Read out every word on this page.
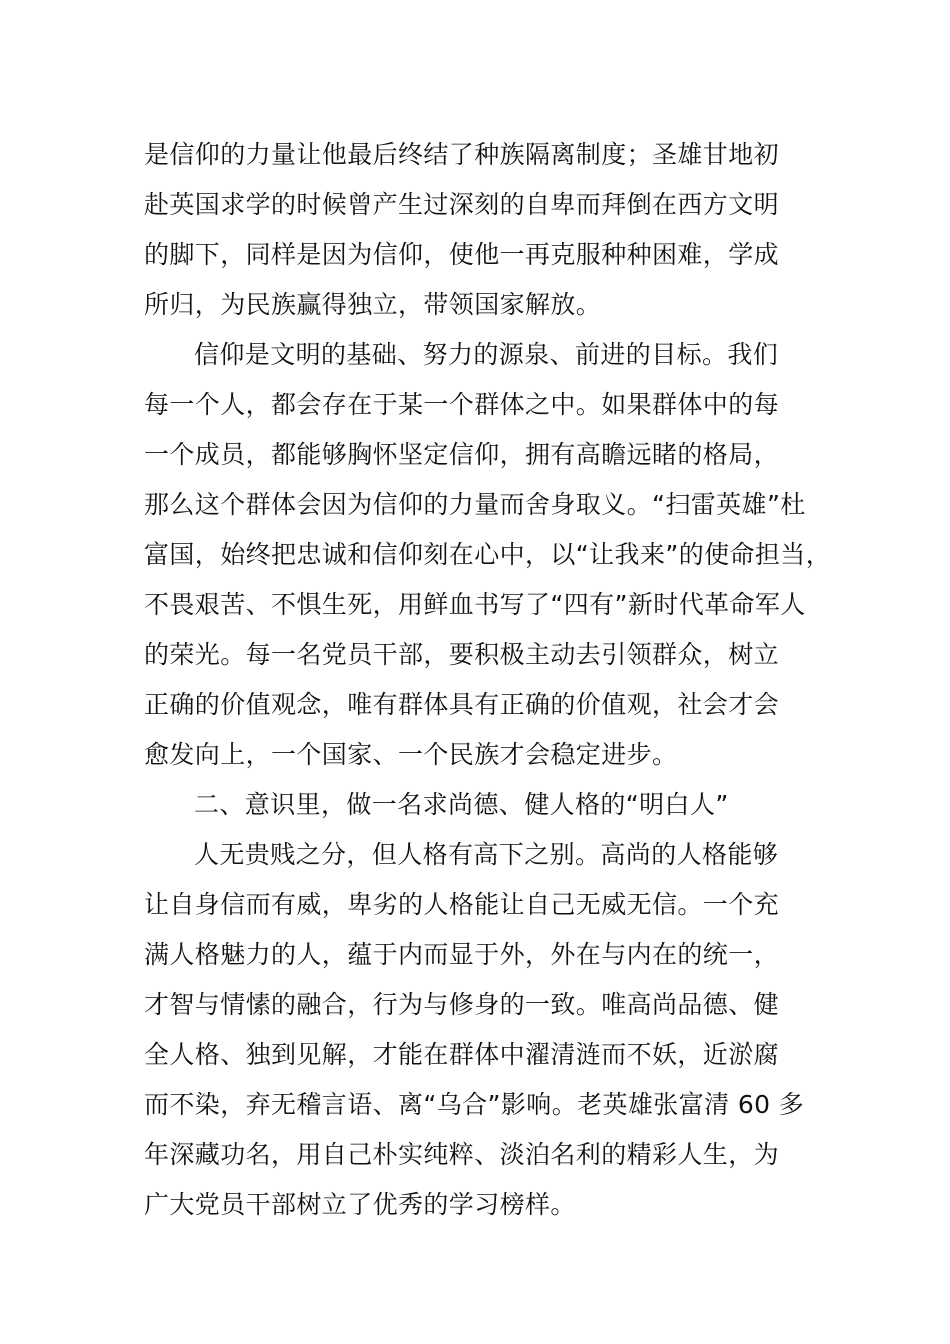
是信仰的力量让他最后终结了种族隔离制度；圣雄甘地初
赴英国求学的时候曾产生过深刻的自卑而拜倒在西方文明
的脚下，同样是因为信仰，使他一再克服种种困难，学成
所归，为民族赢得独立，带领国家解放。
信仰是文明的基础、努力的源泉、前进的目标。我们
每一个人，都会存在于某一个群体之中。如果群体中的每
一个成员，都能够胸怀坚定信仰，拥有高瞻远睹的格局，
那么这个群体会因为信仰的力量而舍身取义。“扫雷英雄”杜
富国，始终把忠诚和信仰刻在心中，以“让我来”的使命担当，
不畏艰苦、不惧生死，用鲜血书写了“四有”新时代革命军人
的荣光。每一名党员干部，要积极主动去引领群众，树立
正确的价值观念，唯有群体具有正确的价值观，社会才会
愈发向上，一个国家、一个民族才会稳定进步。
二、意识里，做一名求尚德、健人格的“明白人”
人无贵贱之分，但人格有高下之别。高尚的人格能够
让自身信而有威，卑劣的人格能让自己无威无信。一个充
满人格魅力的人，蕴于内而显于外，外在与内在的统一，
才智与情愫的融合，行为与修身的一致。唯高尚品德、健
全人格、独到见解，才能在群体中濯清涟而不妖，近淤腐
而不染，弃无稽言语、离“乌合”影响。老英雄张富清 60 多
年深藏功名，用自己朴实纯粹、淡泊名利的精彩人生，为
广大党员干部树立了优秀的学习榜样。
